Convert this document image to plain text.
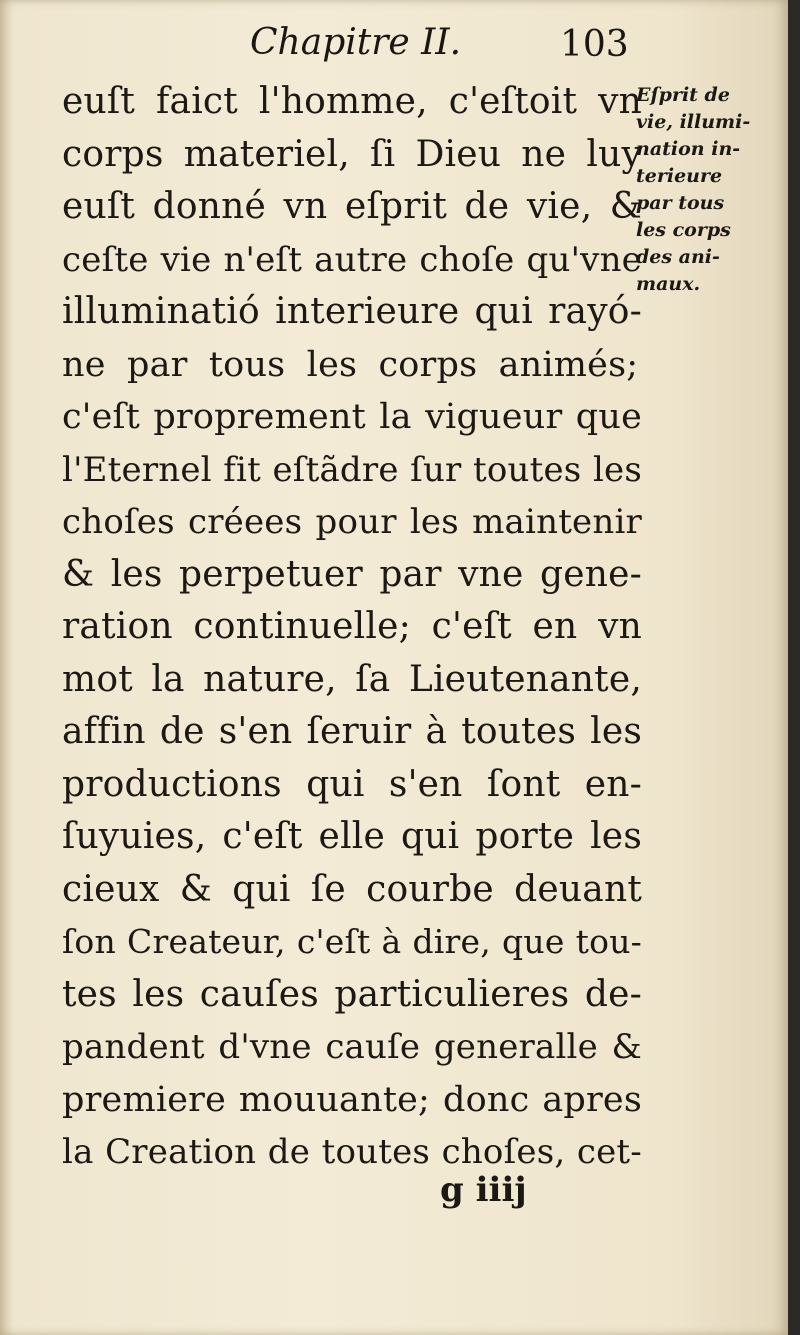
Chapitre II.	103
euſt faict l'homme, c'eſtoit vn
corps materiel, ſi Dieu ne luy
euſt donné vn eſprit de vie, &
ceſte vie n'eſt autre choſe qu'vne
illuminatió interieure qui rayó-
ne par tous les corps animés;
c'eſt proprement la vigueur que
l'Eternel fit eſtãdre ſur toutes les
choſes créees pour les maintenir
& les perpetuer par vne gene-
ration continuelle; c'eſt en vn
mot la nature, ſa Lieutenante,
affin de s'en ſeruir à toutes les
productions qui s'en ſont en-
ſuyuies, c'eſt elle qui porte les
cieux & qui ſe courbe deuant
ſon Createur, c'eſt à dire, que tou-
tes les cauſes particulieres de-
pandent d'vne cauſe generalle &
premiere mouuante; donc apres
la Creation de toutes choſes, cet-
Eſprit de
vie, illumi-
nation in-
terieure
par tous
les corps
des ani-
maux.
g iiij
